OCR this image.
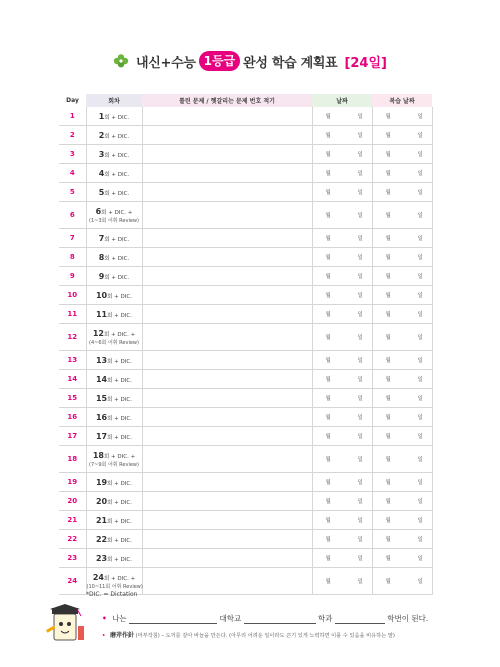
내신+수능 1등급 완성 학습 계획표 [24일]
Day	회차	틀린 문제 / 헷갈리는 문제 번호 적기	날짜	복습 날짜
1	1회 + DIC.		월 일	월 일

2	2회 + DIC.		월 일	월 일

3	3회 + DIC.		월 일	월 일

4	4회 + DIC.		월 일	월 일

5	5회 + DIC.		월 일	월 일

6	6회 + DIC. +
(1~3회 어휘 Review)		월 일	월 일

7	7회 + DIC.		월 일	월 일

8	8회 + DIC.		월 일	월 일

9	9회 + DIC.		월 일	월 일

10	10회 + DIC.		월 일	월 일

11	11회 + DIC.		월 일	월 일

12	12회 + DIC. +
(4~6회 어휘 Review)		월 일	월 일

13	13회 + DIC.		월 일	월 일

14	14회 + DIC.		월 일	월 일

15	15회 + DIC.		월 일	월 일

16	16회 + DIC.		월 일	월 일

17	17회 + DIC.		월 일	월 일

18	18회 + DIC. +
(7~9회 어휘 Review)		월 일	월 일

19	19회 + DIC.		월 일	월 일

20	20회 + DIC.		월 일	월 일

21	21회 + DIC.		월 일	월 일

22	22회 + DIC.		월 일	월 일

23	23회 + DIC.		월 일	월 일

24	24회 + DIC. +
(10~11회 어휘 Review)		월 일	월 일
*DIC. = Dictation
• 나는	대학교	학과	학번이 된다.
• 磨斧作針 (마부작침) – 도끼를 갈아 바늘을 만든다. (아무리 어려운 일이라도 끈기 있게 노력하면 이룰 수 있음을 비유하는 말)
